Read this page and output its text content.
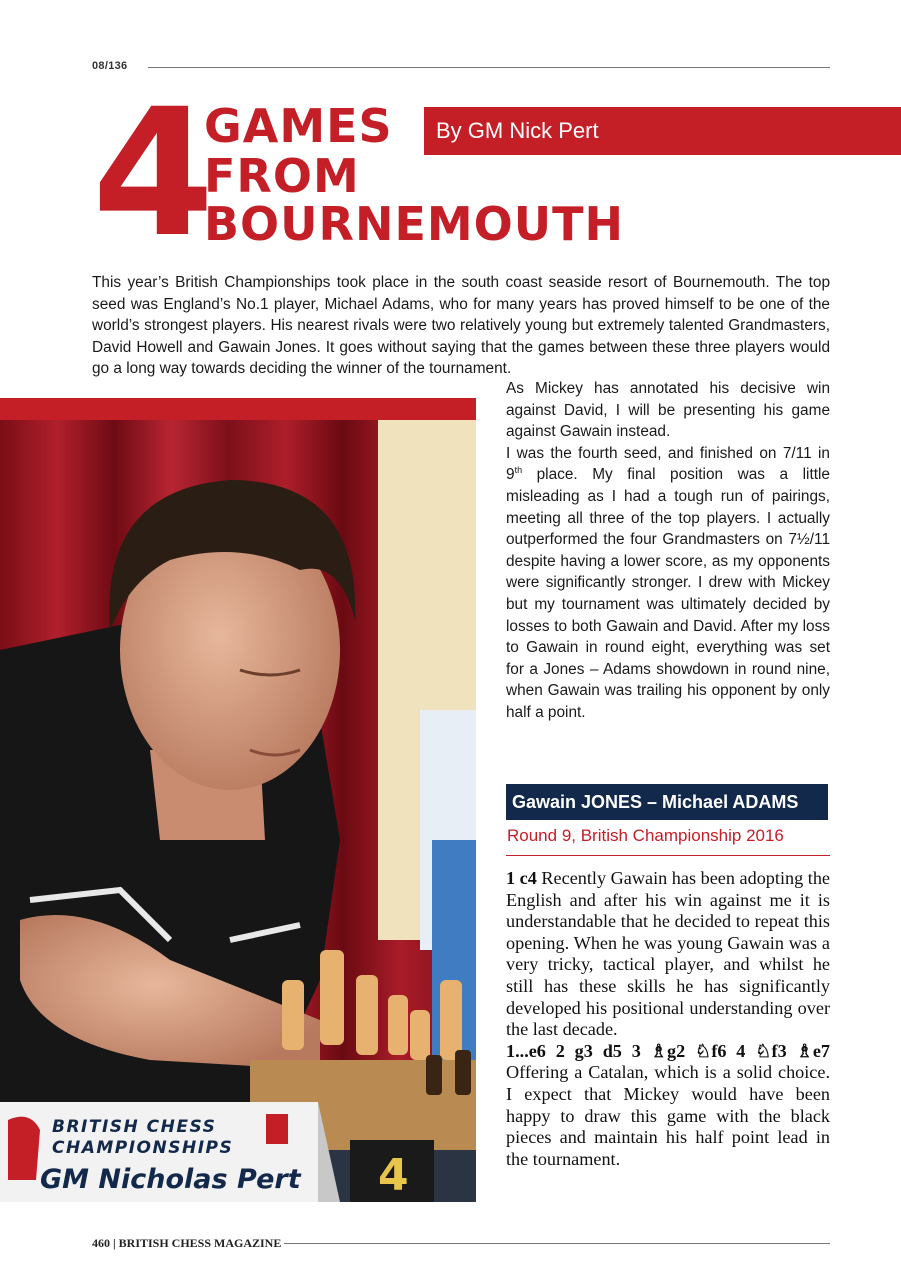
08/136
4
GAMES
FROM
BOURNEMOUTH
By GM Nick Pert

This year’s British Championships took place in the south coast seaside resort of Bournemouth. The top seed was England’s No.1 player, Michael Adams, who for many years has proved himself to be one of the world’s strongest players. His nearest rivals were two relatively young but extremely talented Grandmasters, David Howell and Gawain Jones. It goes without saying that the games between these three players would go a long way towards deciding the winner of the tournament.

BRITISH CHESS
CHAMPIONSHIPS
GM Nicholas Pert 4

As Mickey has annotated his decisive win against David, I will be presenting his game against Gawain instead.

I was the fourth seed, and finished on 7/11 in 9th place. My final position was a little misleading as I had a tough run of pairings, meeting all three of the top players. I actually outperformed the four Grandmasters on 7½/11 despite having a lower score, as my opponents were significantly stronger. I drew with Mickey but my tournament was ultimately decided by losses to both Gawain and David. After my loss to Gawain in round eight, everything was set for a Jones – Adams showdown in round nine, when Gawain was trailing his opponent by only half a point.

Gawain JONES – Michael ADAMS
Round 9, British Championship 2016

1 c4 Recently Gawain has been adopting the English and after his win against me it is understandable that he decided to repeat this opening. When he was young Gawain was a very tricky, tactical player, and whilst he still has these skills he has significantly developed his positional understanding over the last decade.

1...e6 2 g3 d5 3 ♗g2 ♘f6 4 ♘f3 ♗e7 Offering a Catalan, which is a solid choice. I expect that Mickey would have been happy to draw this game with the black pieces and maintain his half point lead in the tournament.

460 | BRITISH CHESS MAGAZINE
